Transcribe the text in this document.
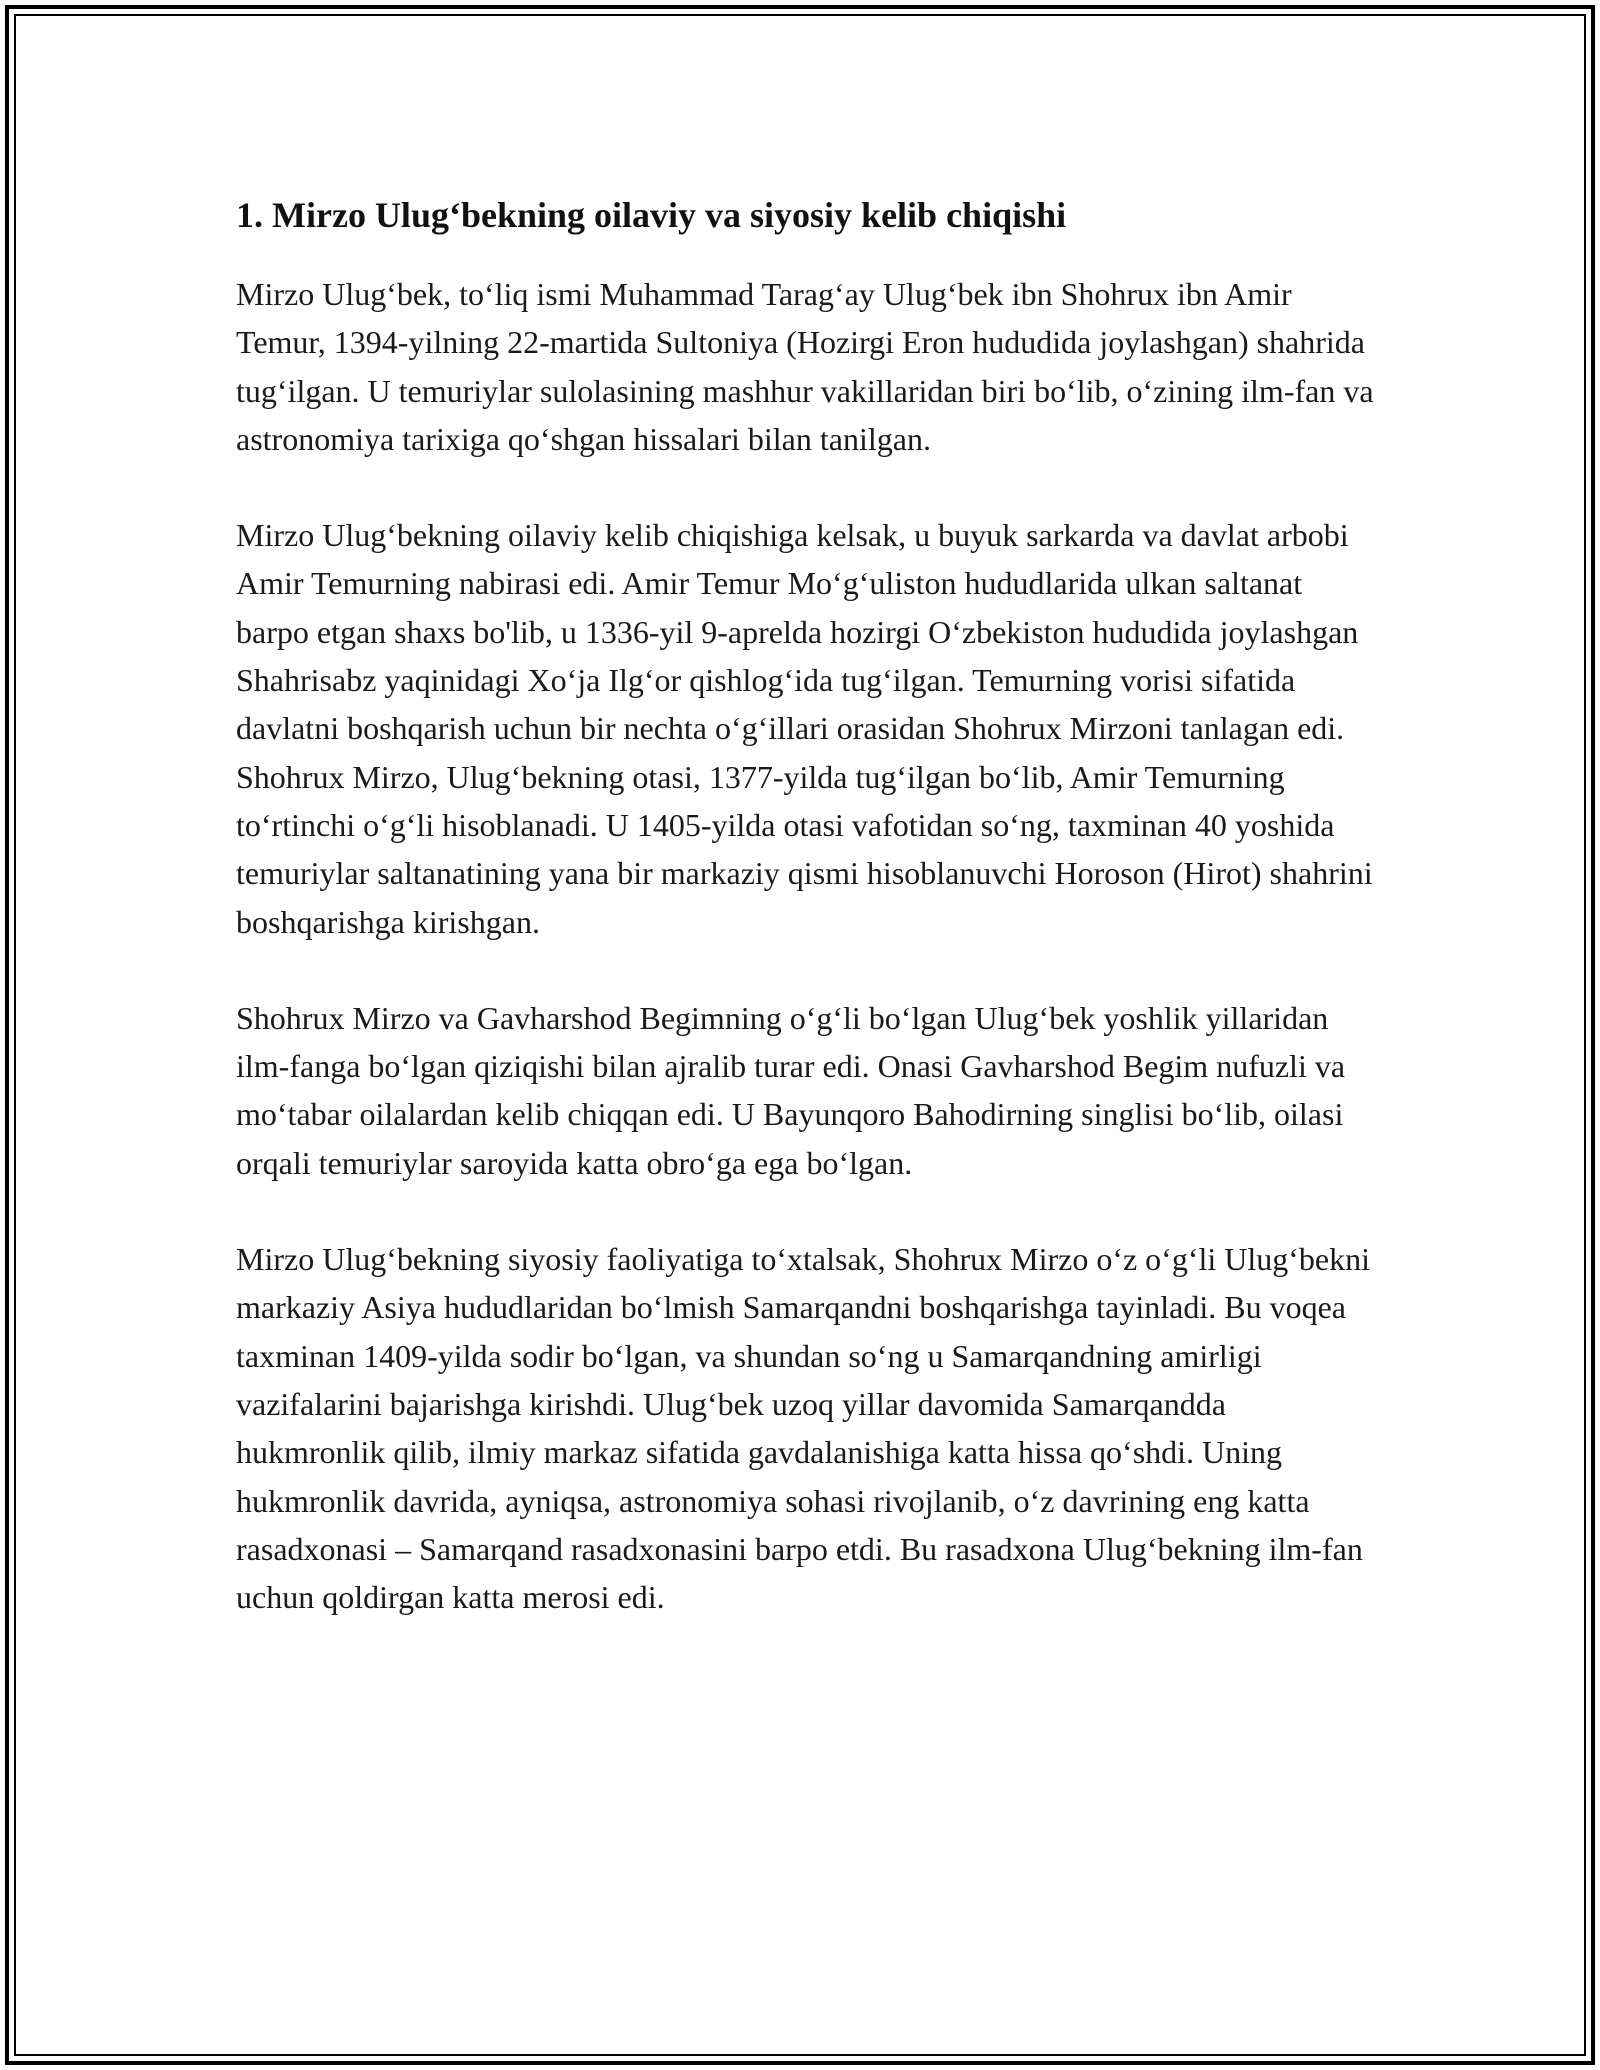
1. Mirzo Ulug‘bekning oilaviy va siyosiy kelib chiqishi

Mirzo Ulug‘bek, to‘liq ismi Muhammad Tarag‘ay Ulug‘bek ibn Shohrux ibn Amir Temur, 1394-yilning 22-martida Sultoniya (Hozirgi Eron hududida joylashgan) shahrida tug‘ilgan. U temuriylar sulolasining mashhur vakillaridan biri bo‘lib, o‘zining ilm-fan va astronomiya tarixiga qo‘shgan hissalari bilan tanilgan.

Mirzo Ulug‘bekning oilaviy kelib chiqishiga kelsak, u buyuk sarkarda va davlat arbobi Amir Temurning nabirasi edi. Amir Temur Mo‘g‘uliston hududlarida ulkan saltanat barpo etgan shaxs bo'lib, u 1336-yil 9-aprelda hozirgi O‘zbekiston hududida joylashgan Shahrisabz yaqinidagi Xo‘ja Ilg‘or qishlog‘ida tug‘ilgan. Temurning vorisi sifatida davlatni boshqarish uchun bir nechta o‘g‘illari orasidan Shohrux Mirzoni tanlagan edi. Shohrux Mirzo, Ulug‘bekning otasi, 1377-yilda tug‘ilgan bo‘lib, Amir Temurning to‘rtinchi o‘g‘li hisoblanadi. U 1405-yilda otasi vafotidan so‘ng, taxminan 40 yoshida temuriylar saltanatining yana bir markaziy qismi hisoblanuvchi Horoson (Hirot) shahrini boshqarishga kirishgan.

Shohrux Mirzo va Gavharshod Begimning o‘g‘li bo‘lgan Ulug‘bek yoshlik yillaridan ilm-fanga bo‘lgan qiziqishi bilan ajralib turar edi. Onasi Gavharshod Begim nufuzli va mo‘tabar oilalardan kelib chiqqan edi. U Bayunqoro Bahodirning singlisi bo‘lib, oilasi orqali temuriylar saroyida katta obro‘ga ega bo‘lgan.

Mirzo Ulug‘bekning siyosiy faoliyatiga to‘xtalsak, Shohrux Mirzo o‘z o‘g‘li Ulug‘bekni markaziy Asiya hududlaridan bo‘lmish Samarqandni boshqarishga tayinladi. Bu voqea taxminan 1409-yilda sodir bo‘lgan, va shundan so‘ng u Samarqandning amirligi vazifalarini bajarishga kirishdi. Ulug‘bek uzoq yillar davomida Samarqandda hukmronlik qilib, ilmiy markaz sifatida gavdalanishiga katta hissa qo‘shdi. Uning hukmronlik davrida, ayniqsa, astronomiya sohasi rivojlanib, o‘z davrining eng katta rasadxonasi – Samarqand rasadxonasini barpo etdi. Bu rasadxona Ulug‘bekning ilm-fan uchun qoldirgan katta merosi edi.
